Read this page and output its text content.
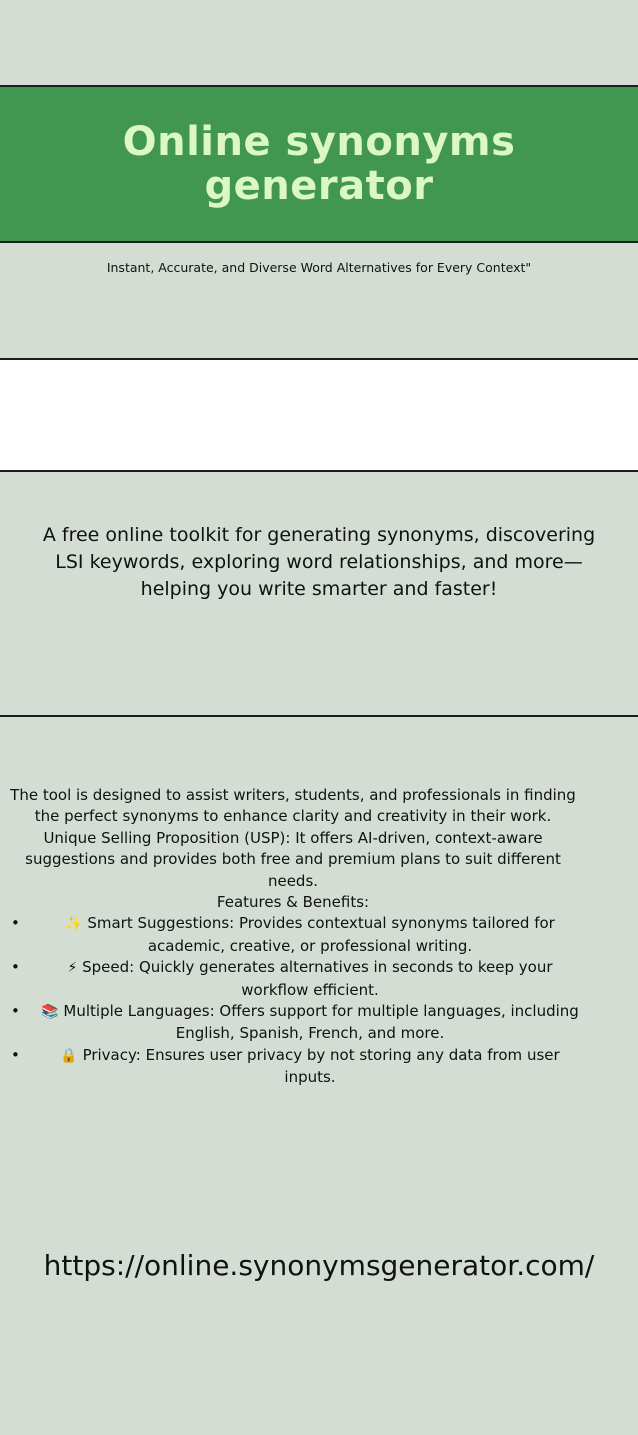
Online synonyms generator
Instant, Accurate, and Diverse Word Alternatives for Every Context"
A free online toolkit for generating synonyms, discovering LSI keywords, exploring word relationships, and more—helping you write smarter and faster!

The tool is designed to assist writers, students, and professionals in finding the perfect synonyms to enhance clarity and creativity in their work.

Unique Selling Proposition (USP): It offers AI-driven, context-aware suggestions and provides both free and premium plans to suit different needs.

Features & Benefits:

•	✨ Smart Suggestions: Provides contextual synonyms tailored for academic, creative, or professional writing.
•	⚡ Speed: Quickly generates alternatives in seconds to keep your workflow efficient.
• 📚 Multiple Languages: Offers support for multiple languages, including English, Spanish, French, and more.
•	🔒 Privacy: Ensures user privacy by not storing any data from user inputs.
https://online.synonymsgenerator.com/
